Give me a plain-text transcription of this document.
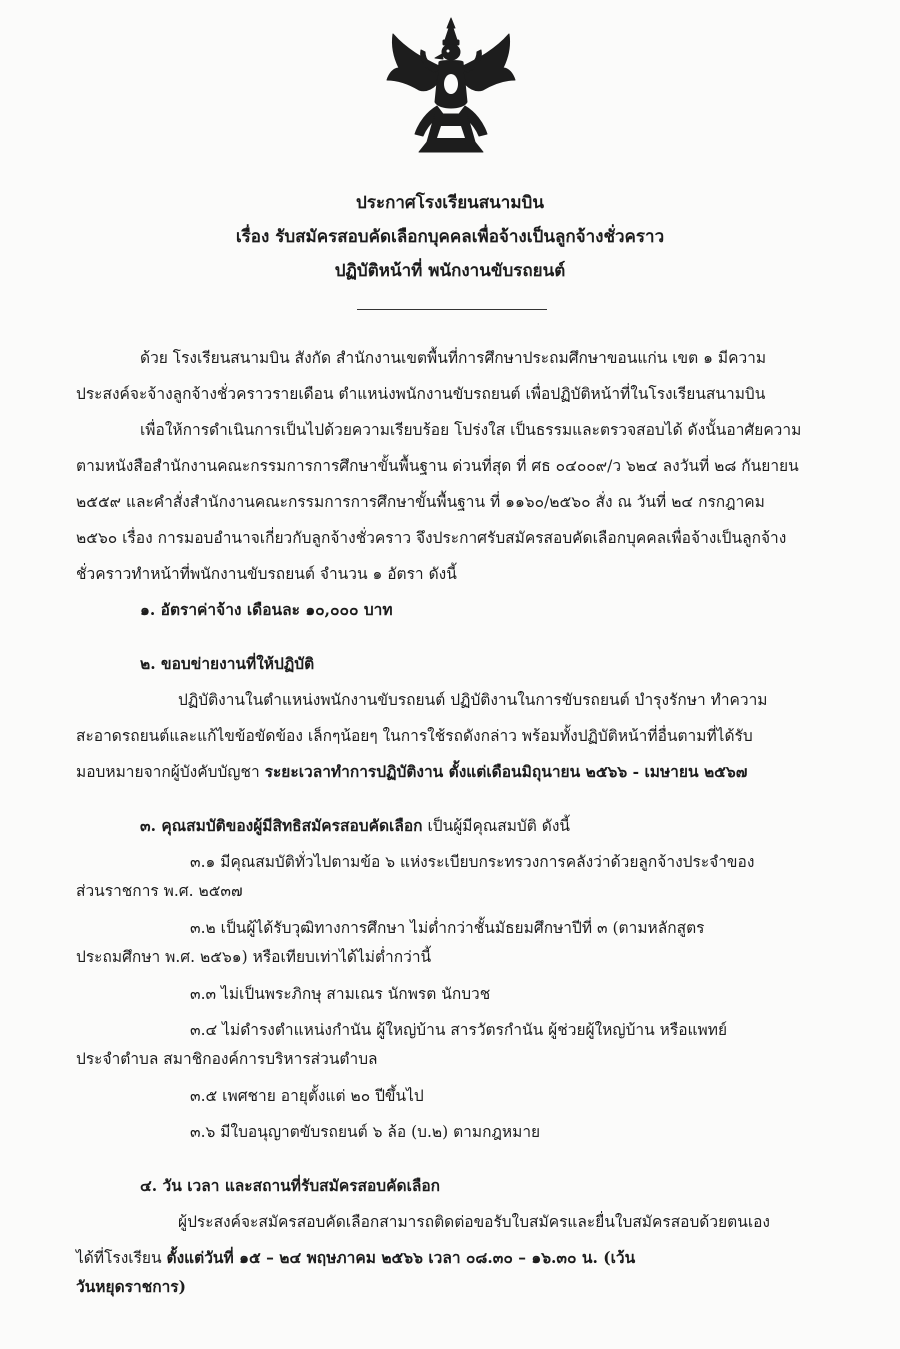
ประกาศโรงเรียนสนามบิน
เรื่อง รับสมัครสอบคัดเลือกบุคคลเพื่อจ้างเป็นลูกจ้างชั่วคราว
ปฏิบัติหน้าที่ พนักงานขับรถยนต์
ด้วย โรงเรียนสนามบิน สังกัด สำนักงานเขตพื้นที่การศึกษาประถมศึกษาขอนแก่น เขต ๑ มีความ
ประสงค์จะจ้างลูกจ้างชั่วคราวรายเดือน ตำแหน่งพนักงานขับรถยนต์ เพื่อปฏิบัติหน้าที่ในโรงเรียนสนามบิน
เพื่อให้การดำเนินการเป็นไปด้วยความเรียบร้อย โปร่งใส เป็นธรรมและตรวจสอบได้ ดังนั้นอาศัยความ
ตามหนังสือสำนักงานคณะกรรมการการศึกษาขั้นพื้นฐาน ด่วนที่สุด ที่ ศธ ๐๔๐๐๙/ว ๖๒๔ ลงวันที่ ๒๘ กันยายน
๒๕๕๙ และคำสั่งสำนักงานคณะกรรมการการศึกษาขั้นพื้นฐาน ที่ ๑๑๖๐/๒๕๖๐ สั่ง ณ วันที่ ๒๔ กรกฎาคม
๒๕๖๐ เรื่อง การมอบอำนาจเกี่ยวกับลูกจ้างชั่วคราว จึงประกาศรับสมัครสอบคัดเลือกบุคคลเพื่อจ้างเป็นลูกจ้าง
ชั่วคราวทำหน้าที่พนักงานขับรถยนต์ จำนวน ๑ อัตรา ดังนี้
๑. อัตราค่าจ้าง เดือนละ ๑๐,๐๐๐ บาท
๒. ขอบข่ายงานที่ให้ปฏิบัติ
ปฏิบัติงานในตำแหน่งพนักงานขับรถยนต์ ปฏิบัติงานในการขับรถยนต์ บำรุงรักษา ทำความ
สะอาดรถยนต์และแก้ไขข้อขัดข้อง เล็กๆน้อยๆ ในการใช้รถดังกล่าว พร้อมทั้งปฏิบัติหน้าที่อื่นตามที่ได้รับ
มอบหมายจากผู้บังคับบัญชา ระยะเวลาทำการปฏิบัติงาน ตั้งแต่เดือนมิถุนายน ๒๕๖๖ - เมษายน ๒๕๖๗
๓. คุณสมบัติของผู้มีสิทธิสมัครสอบคัดเลือก เป็นผู้มีคุณสมบัติ ดังนี้
๓.๑ มีคุณสมบัติทั่วไปตามข้อ ๖ แห่งระเบียบกระทรวงการคลังว่าด้วยลูกจ้างประจำของ
ส่วนราชการ พ.ศ. ๒๕๓๗
๓.๒ เป็นผู้ได้รับวุฒิทางการศึกษา ไม่ต่ำกว่าชั้นมัธยมศึกษาปีที่ ๓ (ตามหลักสูตร
ประถมศึกษา พ.ศ. ๒๕๖๑) หรือเทียบเท่าได้ไม่ต่ำกว่านี้
๓.๓ ไม่เป็นพระภิกษุ สามเณร นักพรต นักบวช
๓.๔ ไม่ดำรงตำแหน่งกำนัน ผู้ใหญ่บ้าน สารวัตรกำนัน ผู้ช่วยผู้ใหญ่บ้าน หรือแพทย์
ประจำตำบล สมาชิกองค์การบริหารส่วนตำบล
๓.๕ เพศชาย อายุตั้งแต่ ๒๐ ปีขึ้นไป
๓.๖ มีใบอนุญาตขับรถยนต์ ๖ ล้อ (บ.๒) ตามกฎหมาย
๔. วัน เวลา และสถานที่รับสมัครสอบคัดเลือก
ผู้ประสงค์จะสมัครสอบคัดเลือกสามารถติดต่อขอรับใบสมัครและยื่นใบสมัครสอบด้วยตนเอง
ได้ที่โรงเรียน ตั้งแต่วันที่ ๑๕ – ๒๔ พฤษภาคม ๒๕๖๖ เวลา ๐๘.๓๐ – ๑๖.๓๐ น. (เว้น
วันหยุดราชการ)
